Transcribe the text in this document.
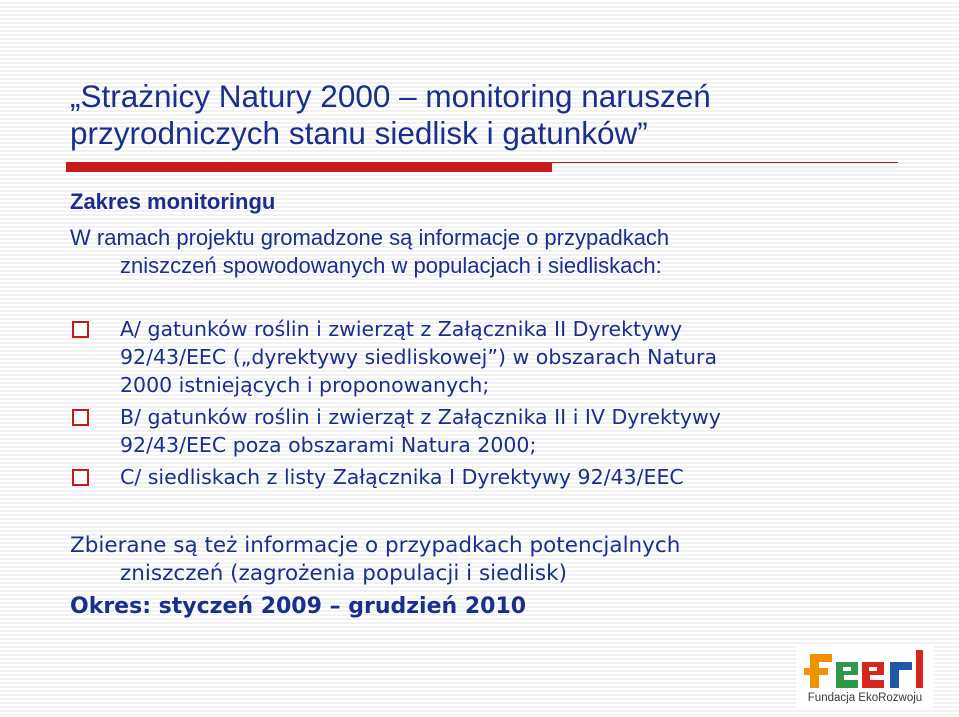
„Strażnicy Natury 2000 – monitoring naruszeń
przyrodniczych stanu siedlisk i gatunków”
Zakres monitoringu

W ramach projektu gromadzone są informacje o przypadkach
zniszczeń spowodowanych w populacjach i siedliskach:

A/ gatunków roślin i zwierząt z Załącznika II Dyrektywy
92/43/EEC („dyrektywy siedliskowej”) w obszarach Natura
2000 istniejących i proponowanych;
B/ gatunków roślin i zwierząt z Załącznika II i IV Dyrektywy
92/43/EEC poza obszarami Natura 2000;
C/ siedliskach z listy Załącznika I Dyrektywy 92/43/EEC

Zbierane są też informacje o przypadkach potencjalnych
zniszczeń (zagrożenia populacji i siedlisk)

Okres: styczeń 2009 – grudzień 2010

Fundacja EkoRozwoju
